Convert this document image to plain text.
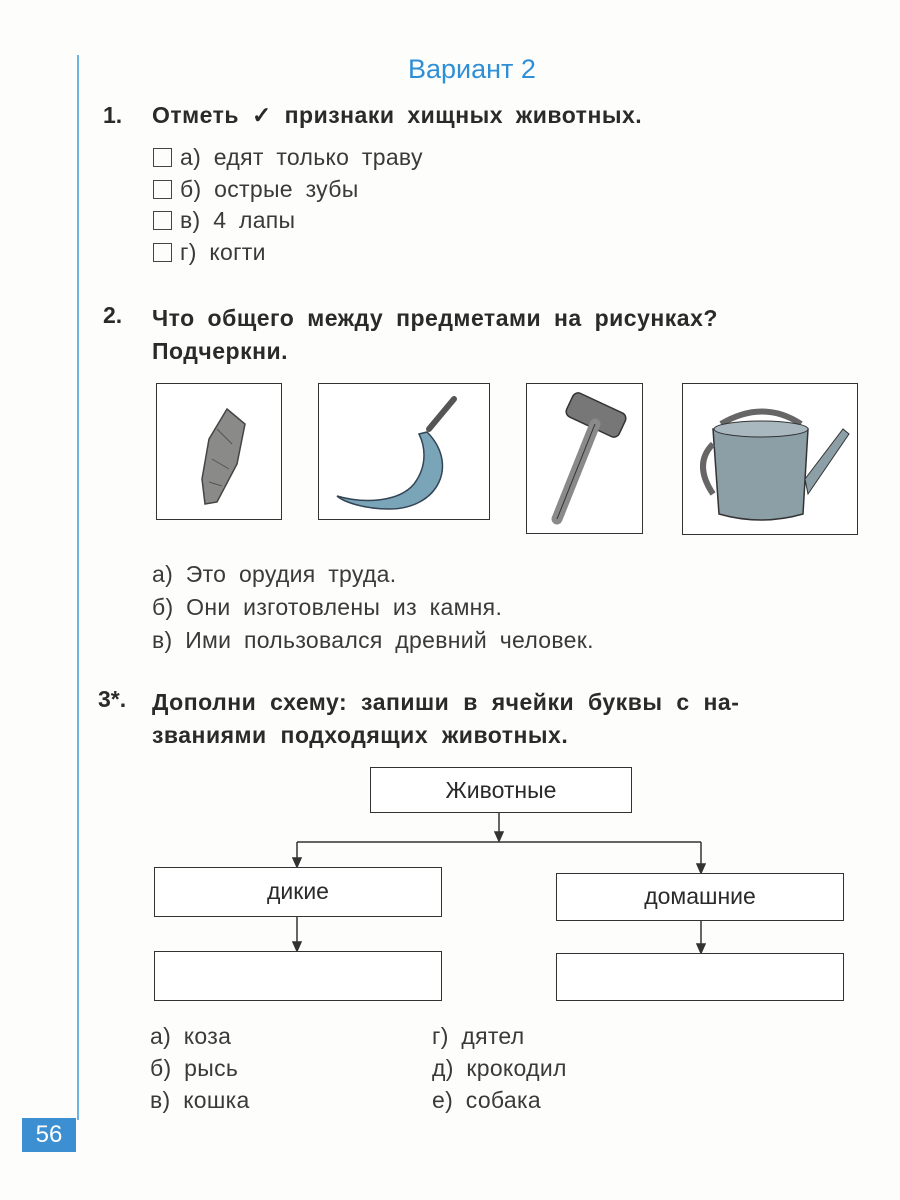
Вариант 2
1. Отметь ✓ признаки хищных животных.
а) едят только траву
б) острые зубы
в) 4 лапы
г) когти
2. Что общего между предметами на рисунках?
Подчеркни.
а) Это орудия труда.
б) Они изготовлены из камня.
в) Ими пользовался древний человек.
3*. Дополни схему: запиши в ячейки буквы с на-
званиями подходящих животных.
Животные
дикие	домашние
а) коза
б) рысь
в) кошка
г) дятел
д) крокодил
е) собака
56
